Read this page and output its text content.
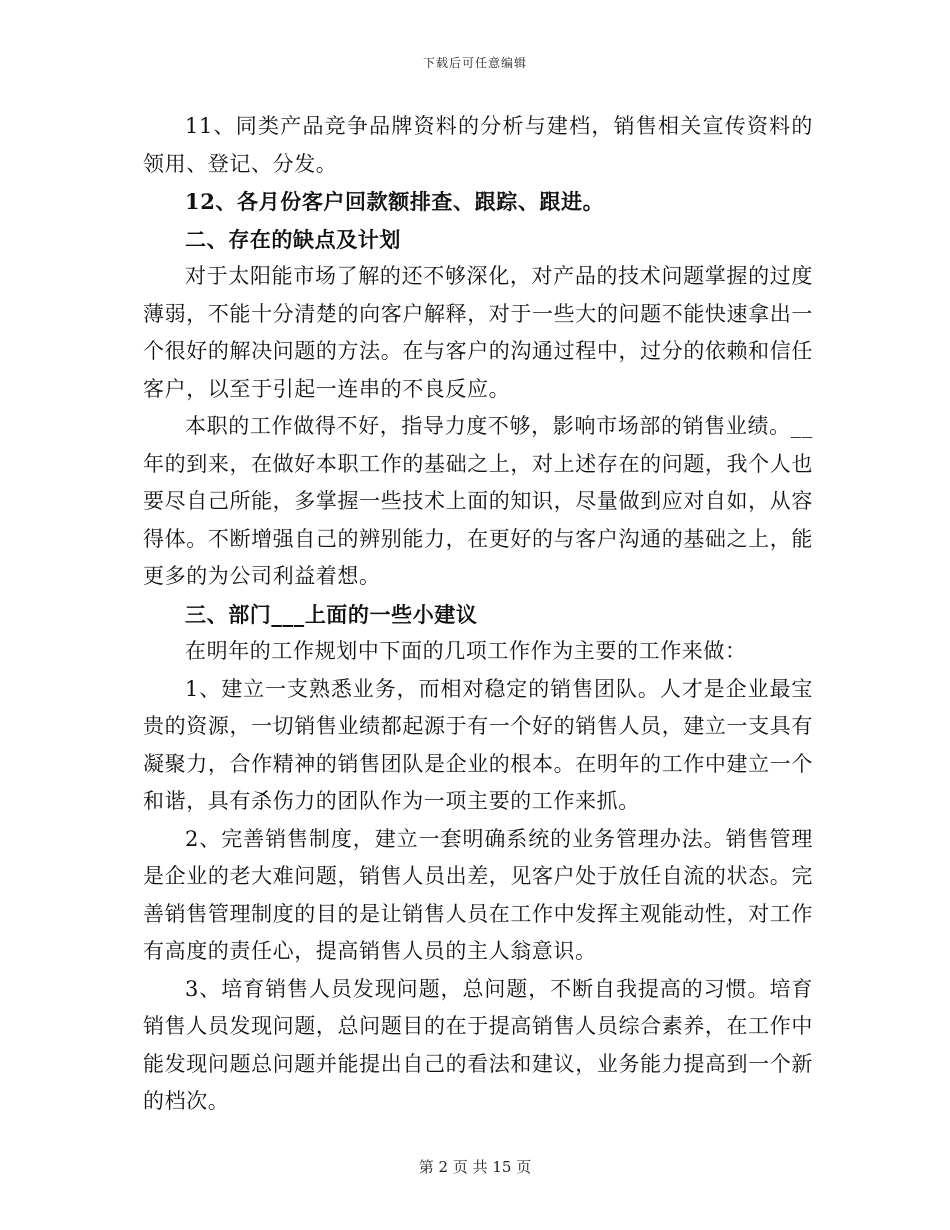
下载后可任意编辑

11、同类产品竞争品牌资料的分析与建档，销售相关宣传资料的领用、登记、分发。

12、各月份客户回款额排查、跟踪、跟进。

二、存在的缺点及计划

对于太阳能市场了解的还不够深化，对产品的技术问题掌握的过度薄弱，不能十分清楚的向客户解释，对于一些大的问题不能快速拿出一个很好的解决问题的方法。在与客户的沟通过程中，过分的依赖和信任客户，以至于引起一连串的不良反应。

本职的工作做得不好，指导力度不够，影响市场部的销售业绩。__年的到来，在做好本职工作的基础之上，对上述存在的问题，我个人也要尽自己所能，多掌握一些技术上面的知识，尽量做到应对自如，从容得体。不断增强自己的辨别能力，在更好的与客户沟通的基础之上，能更多的为公司利益着想。

三、部门___上面的一些小建议

在明年的工作规划中下面的几项工作作为主要的工作来做：

1、建立一支熟悉业务，而相对稳定的销售团队。人才是企业最宝贵的资源，一切销售业绩都起源于有一个好的销售人员，建立一支具有凝聚力，合作精神的销售团队是企业的根本。在明年的工作中建立一个和谐，具有杀伤力的团队作为一项主要的工作来抓。

2、完善销售制度，建立一套明确系统的业务管理办法。销售管理是企业的老大难问题，销售人员出差，见客户处于放任自流的状态。完善销售管理制度的目的是让销售人员在工作中发挥主观能动性，对工作有高度的责任心，提高销售人员的主人翁意识。

3、培育销售人员发现问题，总问题，不断自我提高的习惯。培育销售人员发现问题，总问题目的在于提高销售人员综合素养，在工作中能发现问题总问题并能提出自己的看法和建议，业务能力提高到一个新的档次。

第 2 页 共 15 页
